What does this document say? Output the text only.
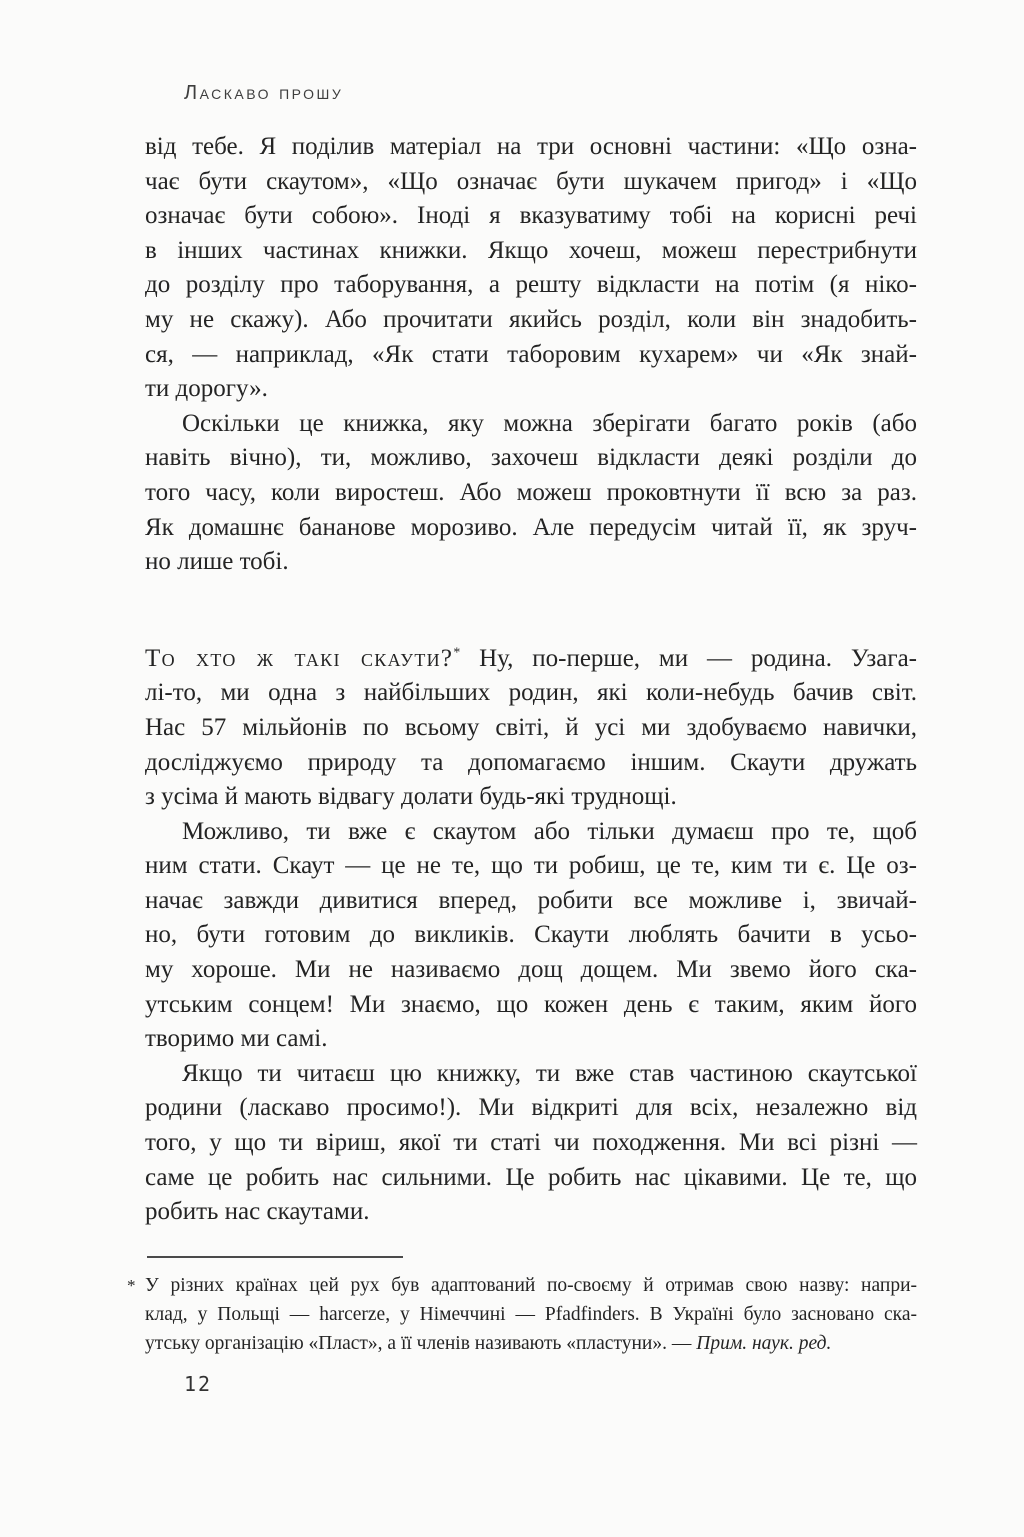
Ласкаво прошу
від тебе. Я поділив матеріал на три основні частини: «Що озна-
чає бути скаутом», «Що означає бути шукачем пригод» і «Що
означає бути собою». Іноді я вказуватиму тобі на корисні речі
в інших частинах книжки. Якщо хочеш, можеш перестрибнути
до розділу про таборування, а решту відкласти на потім (я ніко-
му не скажу). Або прочитати якийсь розділ, коли він знадобить-
ся, — наприклад, «Як стати таборовим кухарем» чи «Як знай-
ти дорогу».
Оскільки це книжка, яку можна зберігати багато років (або
навіть вічно), ти, можливо, захочеш відкласти деякі розділи до
того часу, коли виростеш. Або можеш проковтнути її всю за раз.
Як домашнє бананове морозиво. Але передусім читай її, як зруч-
но лише тобі.
То хто ж такі скаути?* Ну, по-перше, ми — родина. Узага-
лі-то, ми одна з найбільших родин, які коли-небудь бачив світ.
Нас 57 мільйонів по всьому світі, й усі ми здобуваємо навички,
досліджуємо природу та допомагаємо іншим. Скаути дружать
з усіма й мають відвагу долати будь-які труднощі.
Можливо, ти вже є скаутом або тільки думаєш про те, щоб
ним стати. Скаут — це не те, що ти робиш, це те, ким ти є. Це оз-
начає завжди дивитися вперед, робити все можливе і, звичай-
но, бути готовим до викликів. Скаути люблять бачити в усьо-
му хороше. Ми не називаємо дощ дощем. Ми звемо його ска-
утським сонцем! Ми знаємо, що кожен день є таким, яким його
творимо ми самі.
Якщо ти читаєш цю книжку, ти вже став частиною скаутської
родини (ласкаво просимо!). Ми відкриті для всіх, незалежно від
того, у що ти віриш, якої ти статі чи походження. Ми всі різні —
саме це робить нас сильними. Це робить нас цікавими. Це те, що
робить нас скаутами.
* У різних країнах цей рух був адаптований по-своєму й отримав свою назву: напри-
клад, у Польщі — harcerze, у Німеччині — Pfadfinders. В Україні було засновано ска-
утську організацію «Пласт», а її членів називають «пластуни». — Прим. наук. ред.
12
